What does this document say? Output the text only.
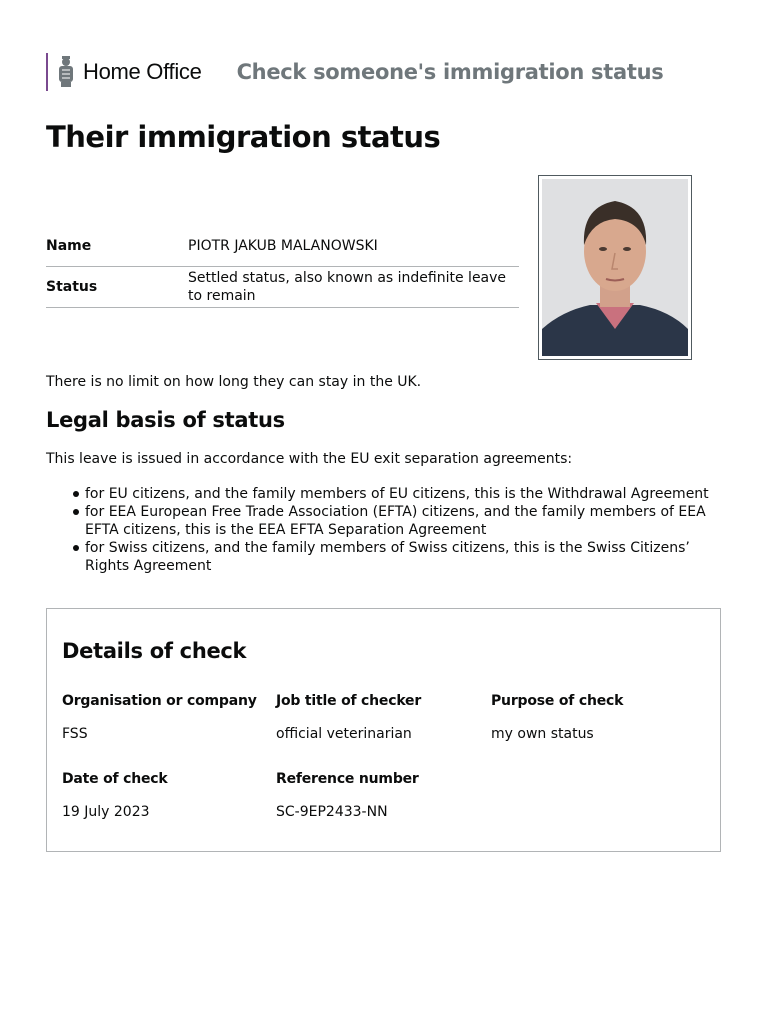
Home Office Check someone's immigration status
Their immigration status
Name	PIOTR JAKUB MALANOWSKI
Status
Settled status, also known as indefinite leave to remain

There is no limit on how long they can stay in the UK.

Legal basis of status

This leave is issued in accordance with the EU exit separation agreements:

for EU citizens, and the family members of EU citizens, this is the Withdrawal Agreement
for EEA European Free Trade Association (EFTA) citizens, and the family members of EEA EFTA citizens, this is the EEA EFTA Separation Agreement
for Swiss citizens, and the family members of Swiss citizens, this is the Swiss Citizens’ Rights Agreement
Details of check
Organisation or company
FSS
Job title of checker
official veterinarian
Purpose of check
my own status
Date of check
19 July 2023
Reference number
SC-9EP2433-NN
